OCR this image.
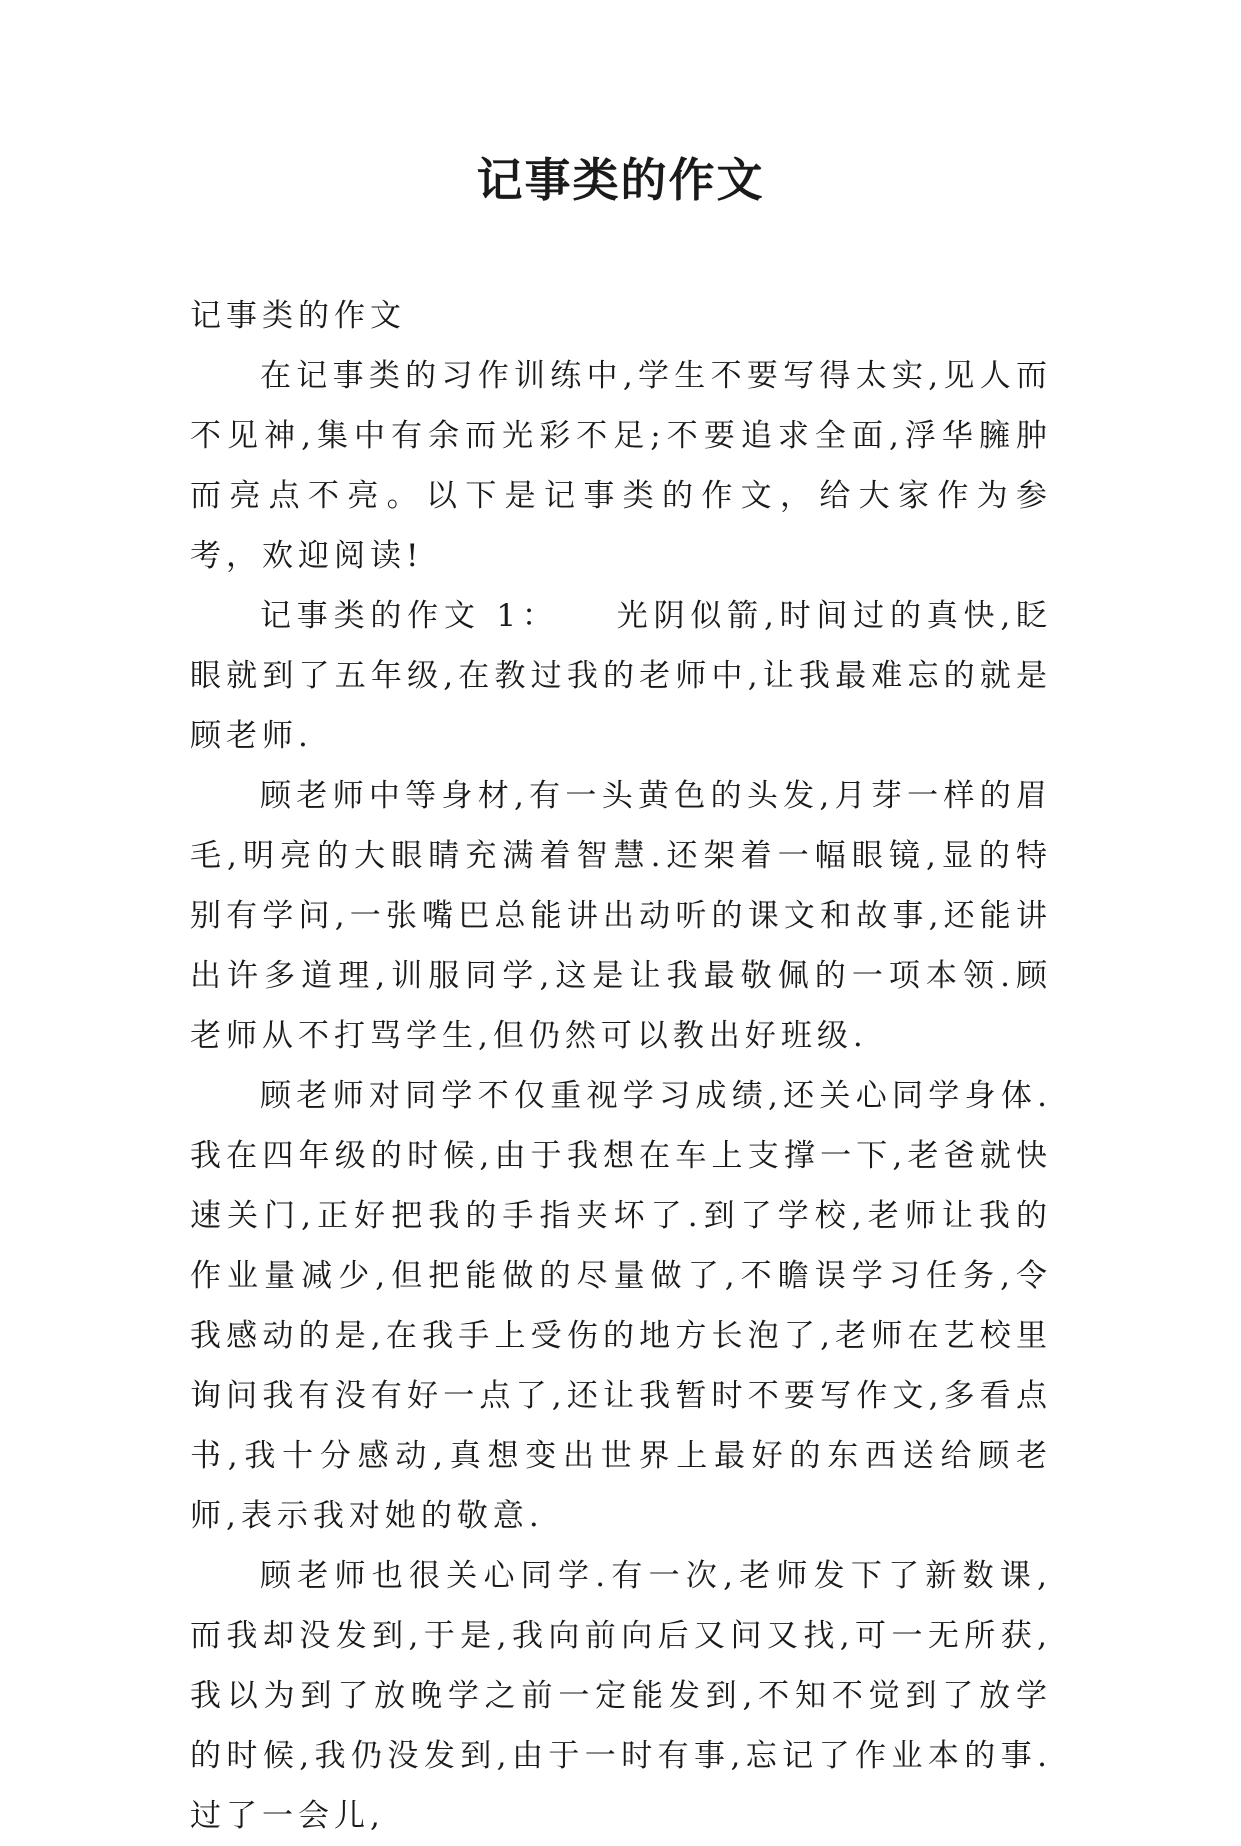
记事类的作文

记事类的作文

在记事类的习作训练中,学生不要写得太实,见人而不见神,集中有余而光彩不足;不要追求全面,浮华臃肿而亮点不亮。以下是记事类的作文，给大家作为参考，欢迎阅读!

记事类的作文 1：　　光阴似箭,时间过的真快,眨眼就到了五年级,在教过我的老师中,让我最难忘的就是顾老师.

顾老师中等身材,有一头黄色的头发,月芽一样的眉毛,明亮的大眼睛充满着智慧.还架着一幅眼镜,显的特别有学问,一张嘴巴总能讲出动听的课文和故事,还能讲出许多道理,训服同学,这是让我最敬佩的一项本领.顾老师从不打骂学生,但仍然可以教出好班级.

顾老师对同学不仅重视学习成绩,还关心同学身体.我在四年级的时候,由于我想在车上支撑一下,老爸就快速关门,正好把我的手指夹坏了.到了学校,老师让我的作业量减少,但把能做的尽量做了,不瞻误学习任务,令我感动的是,在我手上受伤的地方长泡了,老师在艺校里询问我有没有好一点了,还让我暂时不要写作文,多看点书,我十分感动,真想变出世界上最好的东西送给顾老师,表示我对她的敬意.

顾老师也很关心同学.有一次,老师发下了新数课,而我却没发到,于是,我向前向后又问又找,可一无所获,我以为到了放晚学之前一定能发到,不知不觉到了放学的时候,我仍没发到,由于一时有事,忘记了作业本的事.过了一会儿,
